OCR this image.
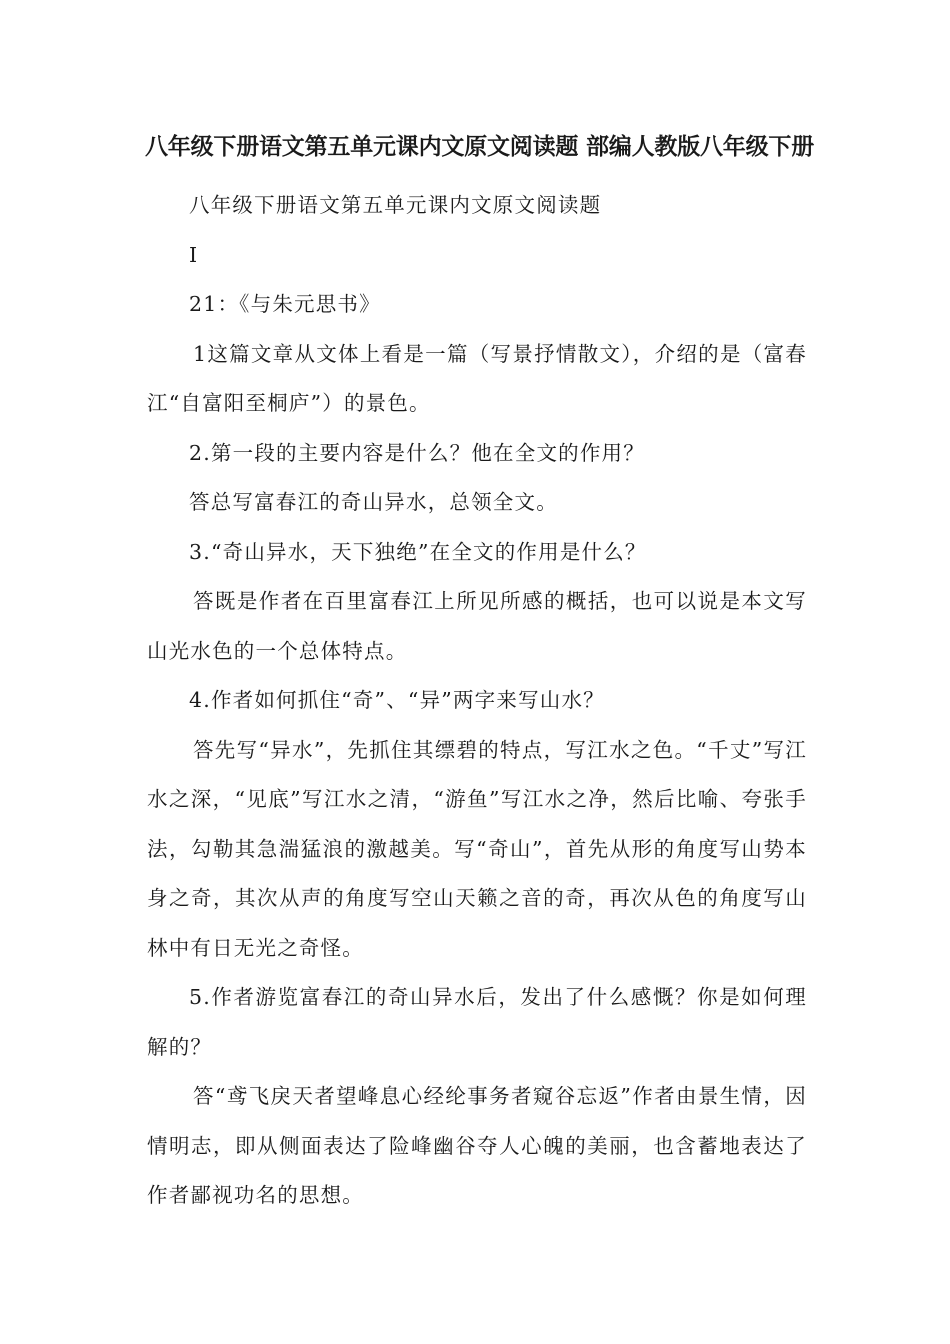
八年级下册语文第五单元课内文原文阅读题 部编人教版八年级下册

八年级下册语文第五单元课内文原文阅读题

Ⅰ

21：《与朱元思书》

1这篇文章从文体上看是一篇（写景抒情散文），介绍的是（富春江“自富阳至桐庐”）的景色。

2.第一段的主要内容是什么？他在全文的作用？

答总写富春江的奇山异水，总领全文。

3.“奇山异水，天下独绝”在全文的作用是什么？

答既是作者在百里富春江上所见所感的概括，也可以说是本文写山光水色的一个总体特点。

4.作者如何抓住“奇”、“异”两字来写山水？

答先写“异水”，先抓住其缥碧的特点，写江水之色。“千丈”写江水之深，“见底”写江水之清，“游鱼”写江水之净，然后比喻、夸张手法，勾勒其急湍猛浪的激越美。写“奇山”，首先从形的角度写山势本身之奇，其次从声的角度写空山天籁之音的奇，再次从色的角度写山林中有日无光之奇怪。

5.作者游览富春江的奇山异水后，发出了什么感慨？你是如何理解的？

答“鸢飞戾天者望峰息心经纶事务者窥谷忘返”作者由景生情，因情明志，即从侧面表达了险峰幽谷夺人心魄的美丽，也含蓄地表达了作者鄙视功名的思想。
